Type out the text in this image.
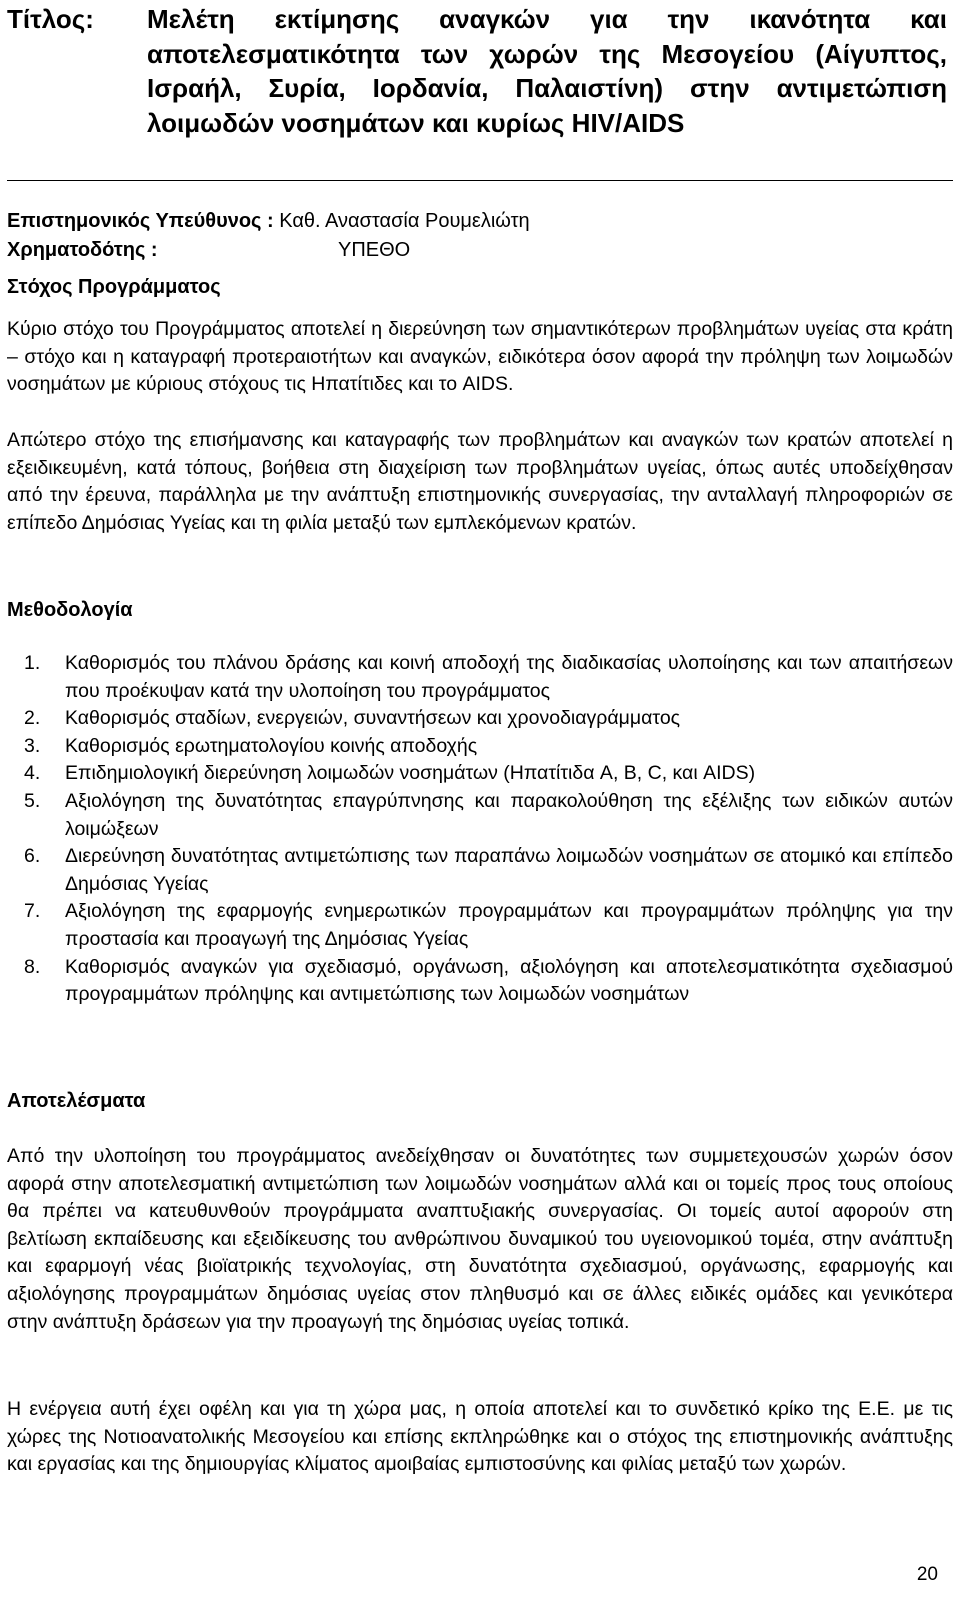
Τίτλος: Μελέτη εκτίμησης αναγκών για την ικανότητα και αποτελεσματικότητα των χωρών της Μεσογείου (Αίγυπτος, Ισραήλ, Συρία, Ιορδανία, Παλαιστίνη) στην αντιμετώπιση λοιμωδών νοσημάτων και κυρίως HIV/AIDS
Επιστημονικός Υπεύθυνος : Καθ. Αναστασία Ρουμελιώτη
Χρηματοδότης :	ΥΠΕΘΟ
Στόχος Προγράμματος
Κύριο στόχο του Προγράμματος αποτελεί η διερεύνηση των σημαντικότερων προβλημάτων υγείας στα κράτη – στόχο και η καταγραφή προτεραιοτήτων και αναγκών, ειδικότερα όσον αφορά την πρόληψη των λοιμωδών νοσημάτων με κύριους στόχους τις Ηπατίτιδες και το AIDS.
Απώτερο στόχο της επισήμανσης και καταγραφής των προβλημάτων και αναγκών των κρατών αποτελεί η εξειδικευμένη, κατά τόπους, βοήθεια στη διαχείριση των προβλημάτων υγείας, όπως αυτές υποδείχθησαν από την έρευνα, παράλληλα με την ανάπτυξη επιστημονικής συνεργασίας, την ανταλλαγή πληροφοριών σε επίπεδο Δημόσιας Υγείας και τη φιλία μεταξύ των εμπλεκόμενων κρατών.
Μεθοδολογία
1. Καθορισμός του πλάνου δράσης και κοινή αποδοχή της διαδικασίας υλοποίησης και των απαιτήσεων που προέκυψαν κατά την υλοποίηση του προγράμματος
2. Καθορισμός σταδίων, ενεργειών, συναντήσεων και χρονοδιαγράμματος
3. Καθορισμός ερωτηματολογίου κοινής αποδοχής
4. Επιδημιολογική διερεύνηση λοιμωδών νοσημάτων (Ηπατίτιδα A, B, C, και AIDS)
5. Αξιολόγηση της δυνατότητας επαγρύπνησης και παρακολούθηση της εξέλιξης των ειδικών αυτών λοιμώξεων
6. Διερεύνηση δυνατότητας αντιμετώπισης των παραπάνω λοιμωδών νοσημάτων σε ατομικό και επίπεδο Δημόσιας Υγείας
7. Αξιολόγηση της εφαρμογής ενημερωτικών προγραμμάτων και προγραμμάτων πρόληψης για την προστασία και προαγωγή της Δημόσιας Υγείας
8. Καθορισμός αναγκών για σχεδιασμό, οργάνωση, αξιολόγηση και αποτελεσματικότητα σχεδιασμού προγραμμάτων πρόληψης και αντιμετώπισης των λοιμωδών νοσημάτων
Αποτελέσματα
Από την υλοποίηση του προγράμματος ανεδείχθησαν οι δυνατότητες των συμμετεχουσών χωρών όσον αφορά στην αποτελεσματική αντιμετώπιση των λοιμωδών νοσημάτων αλλά και οι τομείς προς τους οποίους θα πρέπει να κατευθυνθούν προγράμματα αναπτυξιακής συνεργασίας. Οι τομείς αυτοί αφορούν στη βελτίωση εκπαίδευσης και εξειδίκευσης του ανθρώπινου δυναμικού του υγειονομικού τομέα, στην ανάπτυξη και εφαρμογή νέας βιοϊατρικής τεχνολογίας, στη δυνατότητα σχεδιασμού, οργάνωσης, εφαρμογής και αξιολόγησης προγραμμάτων δημόσιας υγείας στον πληθυσμό και σε άλλες ειδικές ομάδες και γενικότερα στην ανάπτυξη δράσεων για την προαγωγή της δημόσιας υγείας τοπικά.
Η ενέργεια αυτή έχει οφέλη και για τη χώρα μας, η οποία αποτελεί και το συνδετικό κρίκο της Ε.Ε. με τις χώρες της Νοτιοανατολικής Μεσογείου και επίσης εκπληρώθηκε και ο στόχος της επιστημονικής ανάπτυξης και εργασίας και της δημιουργίας κλίματος αμοιβαίας εμπιστοσύνης και φιλίας μεταξύ των χωρών.
20
